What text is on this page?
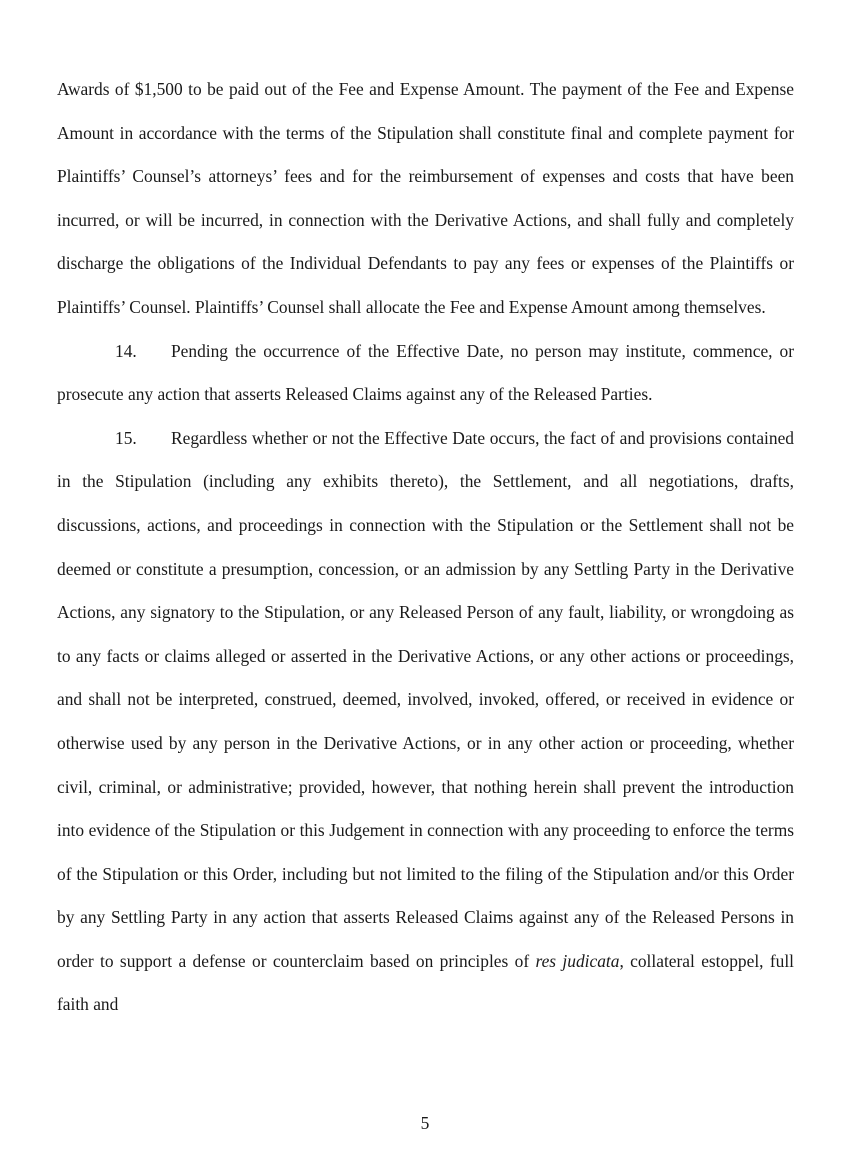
Awards of $1,500 to be paid out of the Fee and Expense Amount. The payment of the Fee and Expense Amount in accordance with the terms of the Stipulation shall constitute final and complete payment for Plaintiffs’ Counsel’s attorneys’ fees and for the reimbursement of expenses and costs that have been incurred, or will be incurred, in connection with the Derivative Actions, and shall fully and completely discharge the obligations of the Individual Defendants to pay any fees or expenses of the Plaintiffs or Plaintiffs’ Counsel. Plaintiffs’ Counsel shall allocate the Fee and Expense Amount among themselves.

14. Pending the occurrence of the Effective Date, no person may institute, commence, or prosecute any action that asserts Released Claims against any of the Released Parties.

15. Regardless whether or not the Effective Date occurs, the fact of and provisions contained in the Stipulation (including any exhibits thereto), the Settlement, and all negotiations, drafts, discussions, actions, and proceedings in connection with the Stipulation or the Settlement shall not be deemed or constitute a presumption, concession, or an admission by any Settling Party in the Derivative Actions, any signatory to the Stipulation, or any Released Person of any fault, liability, or wrongdoing as to any facts or claims alleged or asserted in the Derivative Actions, or any other actions or proceedings, and shall not be interpreted, construed, deemed, involved, invoked, offered, or received in evidence or otherwise used by any person in the Derivative Actions, or in any other action or proceeding, whether civil, criminal, or administrative; provided, however, that nothing herein shall prevent the introduction into evidence of the Stipulation or this Judgement in connection with any proceeding to enforce the terms of the Stipulation or this Order, including but not limited to the filing of the Stipulation and/or this Order by any Settling Party in any action that asserts Released Claims against any of the Released Persons in order to support a defense or counterclaim based on principles of res judicata, collateral estoppel, full faith and

5
